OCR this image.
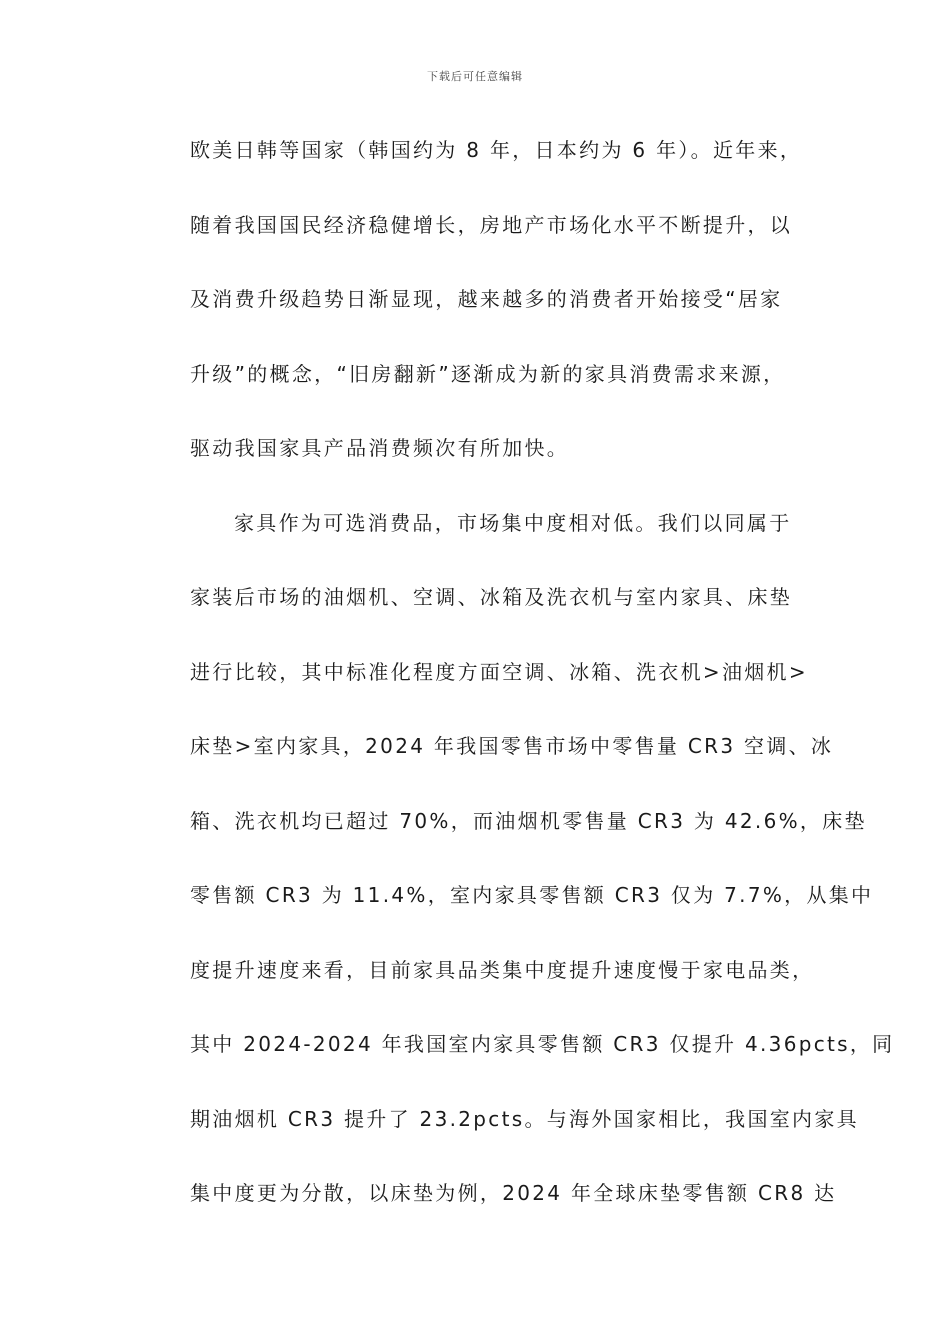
下载后可任意编辑
欧美日韩等国家（韩国约为 8 年，日本约为 6 年）。近年来，
随着我国国民经济稳健增长，房地产市场化水平不断提升，以
及消费升级趋势日渐显现，越来越多的消费者开始接受“居家
升级”的概念，“旧房翻新”逐渐成为新的家具消费需求来源，
驱动我国家具产品消费频次有所加快。
家具作为可选消费品，市场集中度相对低。我们以同属于
家装后市场的油烟机、空调、冰箱及洗衣机与室内家具、床垫
进行比较，其中标准化程度方面空调、冰箱、洗衣机>油烟机>
床垫>室内家具，2024 年我国零售市场中零售量 CR3 空调、冰
箱、洗衣机均已超过 70%，而油烟机零售量 CR3 为 42.6%，床垫
零售额 CR3 为 11.4%，室内家具零售额 CR3 仅为 7.7%，从集中
度提升速度来看，目前家具品类集中度提升速度慢于家电品类，
其中 2024-2024 年我国室内家具零售额 CR3 仅提升 4.36pcts，同
期油烟机 CR3 提升了 23.2pcts。与海外国家相比，我国室内家具
集中度更为分散，以床垫为例，2024 年全球床垫零售额 CR8 达
